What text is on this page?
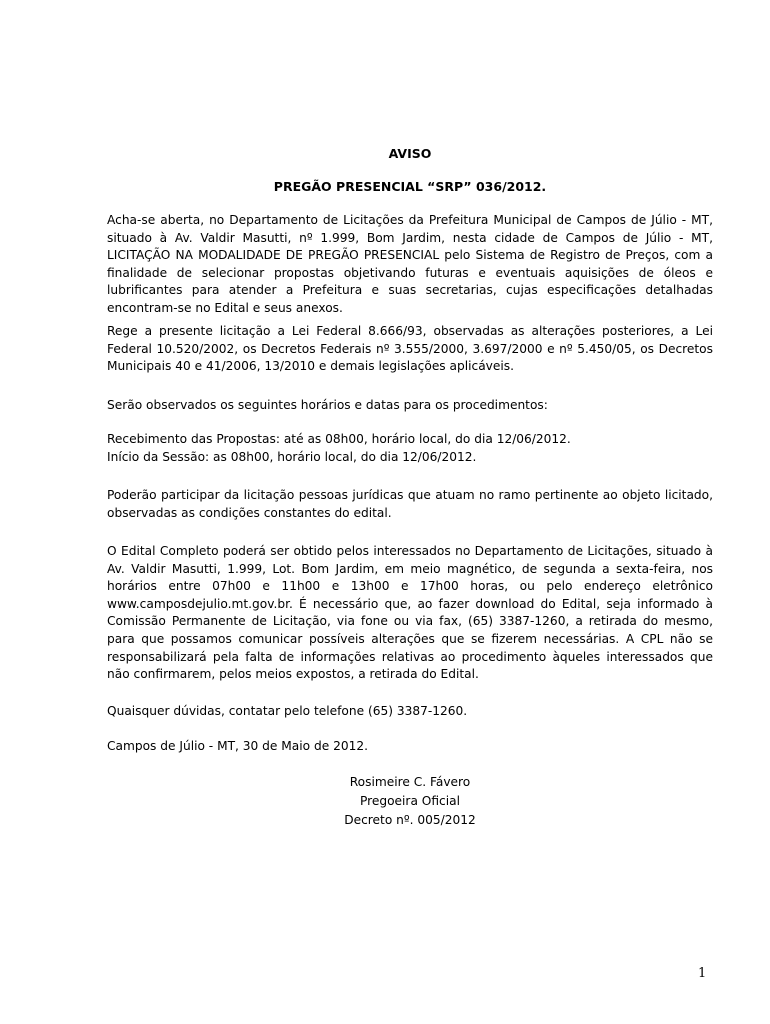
AVISO
PREGÃO PRESENCIAL “SRP” 036/2012.
Acha-se aberta, no Departamento de Licitações da Prefeitura Municipal de Campos de Júlio - MT, situado à Av. Valdir Masutti, nº 1.999, Bom Jardim, nesta cidade de Campos de Júlio - MT, LICITAÇÃO NA MODALIDADE DE PREGÃO PRESENCIAL pelo Sistema de Registro de Preços, com a finalidade de selecionar propostas objetivando futuras e eventuais aquisições de óleos e lubrificantes para atender a Prefeitura e suas secretarias, cujas especificações detalhadas encontram-se no Edital e seus anexos.
Rege a presente licitação a Lei Federal 8.666/93, observadas as alterações posteriores, a Lei Federal 10.520/2002, os Decretos Federais nº 3.555/2000, 3.697/2000 e nº 5.450/05, os Decretos Municipais 40 e 41/2006, 13/2010 e demais legislações aplicáveis.
Serão observados os seguintes horários e datas para os procedimentos:
Recebimento das Propostas: até as 08h00, horário local, do dia 12/06/2012.
Início da Sessão: as 08h00, horário local, do dia 12/06/2012.
Poderão participar da licitação pessoas jurídicas que atuam no ramo pertinente ao objeto licitado, observadas as condições constantes do edital.
O Edital Completo poderá ser obtido pelos interessados no Departamento de Licitações, situado à Av. Valdir Masutti, 1.999, Lot. Bom Jardim, em meio magnético, de segunda a sexta-feira, nos horários entre 07h00 e 11h00 e 13h00 e 17h00 horas, ou pelo endereço eletrônico www.camposdejulio.mt.gov.br. É necessário que, ao fazer download do Edital, seja informado à Comissão Permanente de Licitação, via fone ou via fax, (65) 3387-1260, a retirada do mesmo, para que possamos comunicar possíveis alterações que se fizerem necessárias. A CPL não se responsabilizará pela falta de informações relativas ao procedimento àqueles interessados que não confirmarem, pelos meios expostos, a retirada do Edital.
Quaisquer dúvidas, contatar pelo telefone (65) 3387-1260.
Campos de Júlio - MT, 30 de Maio de 2012.
Rosimeire C. Fávero
Pregoeira Oficial
Decreto nº. 005/2012
1
